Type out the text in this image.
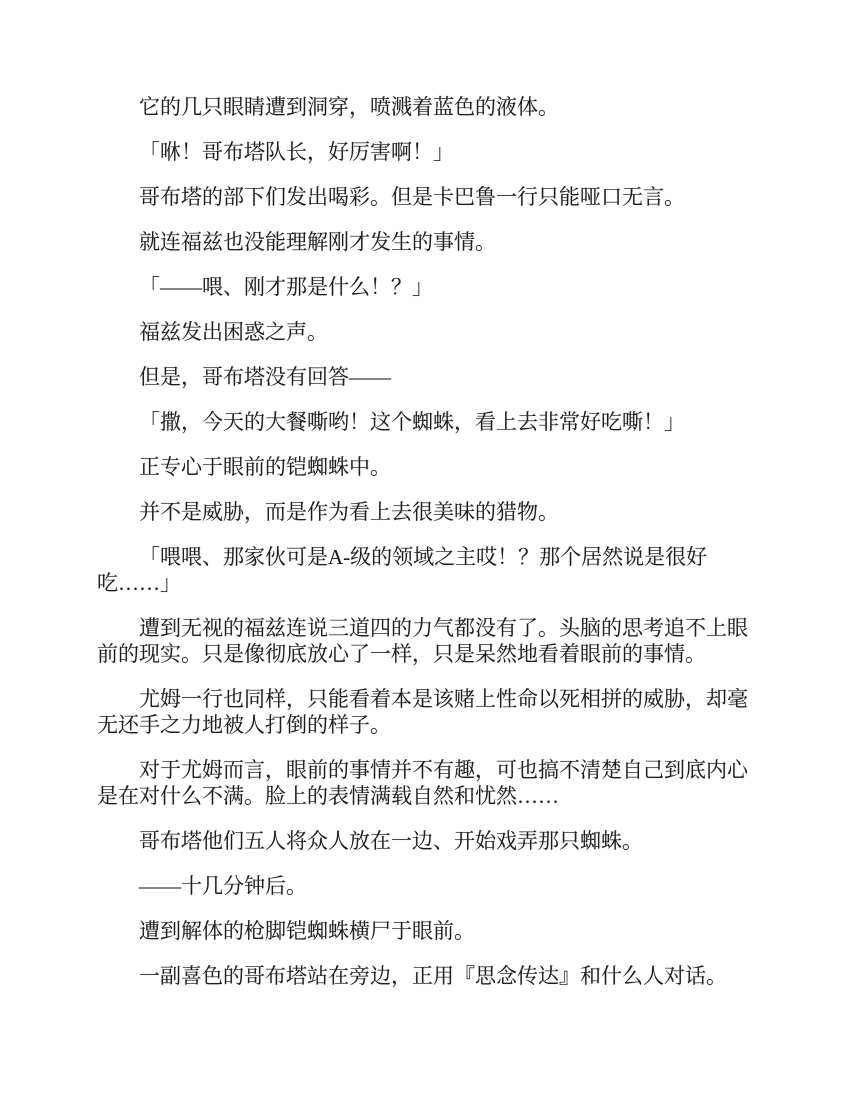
它的几只眼睛遭到洞穿，喷溅着蓝色的液体。

「咻！哥布塔队长，好厉害啊！」

哥布塔的部下们发出喝彩。但是卡巴鲁一行只能哑口无言。

就连福兹也没能理解刚才发生的事情。

「——喂、刚才那是什么！？」

福兹发出困惑之声。

但是，哥布塔没有回答——

「撒，今天的大餐嘶哟！这个蜘蛛，看上去非常好吃嘶！」

正专心于眼前的铠蜘蛛中。

并不是威胁，而是作为看上去很美味的猎物。

「喂喂、那家伙可是A-级的领域之主哎！？那个居然说是很好吃……」

遭到无视的福兹连说三道四的力气都没有了。头脑的思考追不上眼前的现实。只是像彻底放心了一样，只是呆然地看着眼前的事情。

尤姆一行也同样，只能看着本是该赌上性命以死相拼的威胁，却毫无还手之力地被人打倒的样子。

对于尤姆而言，眼前的事情并不有趣，可也搞不清楚自己到底内心是在对什么不满。脸上的表情满载自然和忧然……

哥布塔他们五人将众人放在一边、开始戏弄那只蜘蛛。

——十几分钟后。

遭到解体的枪脚铠蜘蛛横尸于眼前。

一副喜色的哥布塔站在旁边，正用『思念传达』和什么人对话。
